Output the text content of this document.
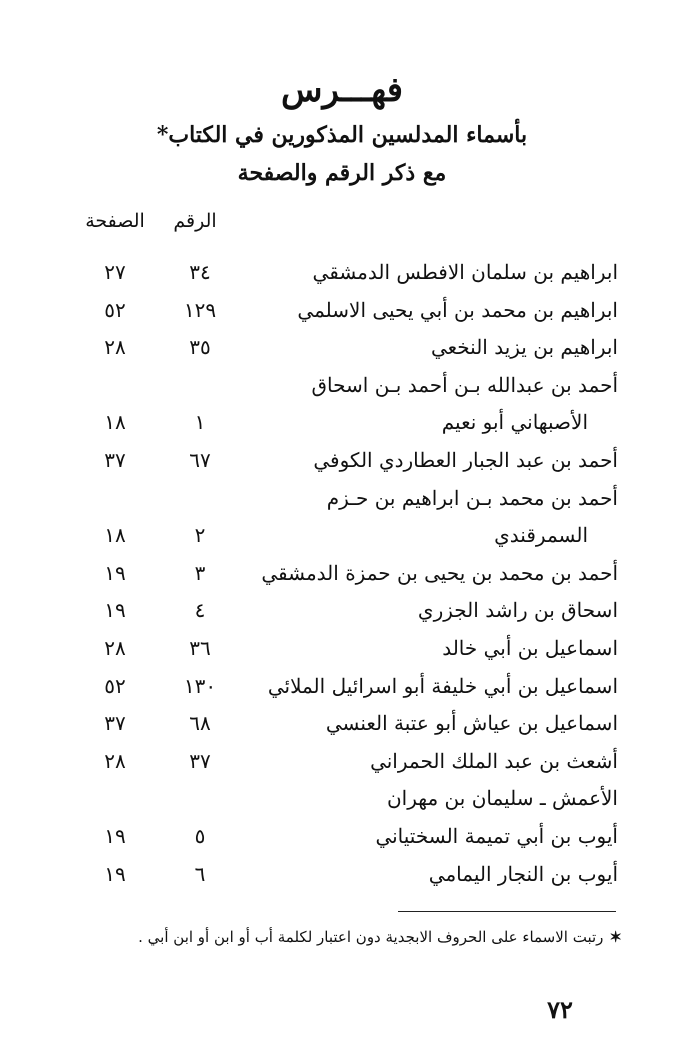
فهـــرس
بأسماء المدلسين المذكورين في الكتاب*
مع ذكر الرقم والصفحة
الرقم
الصفحة
ابراهيم بن سلمان الافطس الدمشقي
٣٤
٢٧
ابراهيم بن محمد بن أبي يحيى الاسلمي
١٢٩
٥٢
ابراهيم بن يزيد النخعي
٣٥
٢٨
أحمد بن عبدالله بـن أحمد بـن اسحاق
الأصبهاني أبو نعيم
١
١٨
أحمد بن عبد الجبار العطاردي الكوفي
٦٧
٣٧
أحمد بن محمد بـن ابراهيم بن حـزم
السمرقندي
٢
١٨
أحمد بن محمد بن يحيى بن حمزة الدمشقي
٣
١٩
اسحاق بن راشد الجزري
٤
١٩
اسماعيل بن أبي خالد
٣٦
٢٨
اسماعيل بن أبي خليفة أبو اسرائيل الملائي
١٣٠
٥٢
اسماعيل بن عياش أبو عتبة العنسي
٦٨
٣٧
أشعث بن عبد الملك الحمراني
٣٧
٢٨
الأعمش ـ سليمان بن مهران
أيوب بن أبي تميمة السختياني
٥
١٩
أيوب بن النجار اليمامي
٦
١٩
✶رتبت الاسماء على الحروف الابجدية دون اعتبار لكلمة أب أو ابن أو ابن أبي .
٧٢
